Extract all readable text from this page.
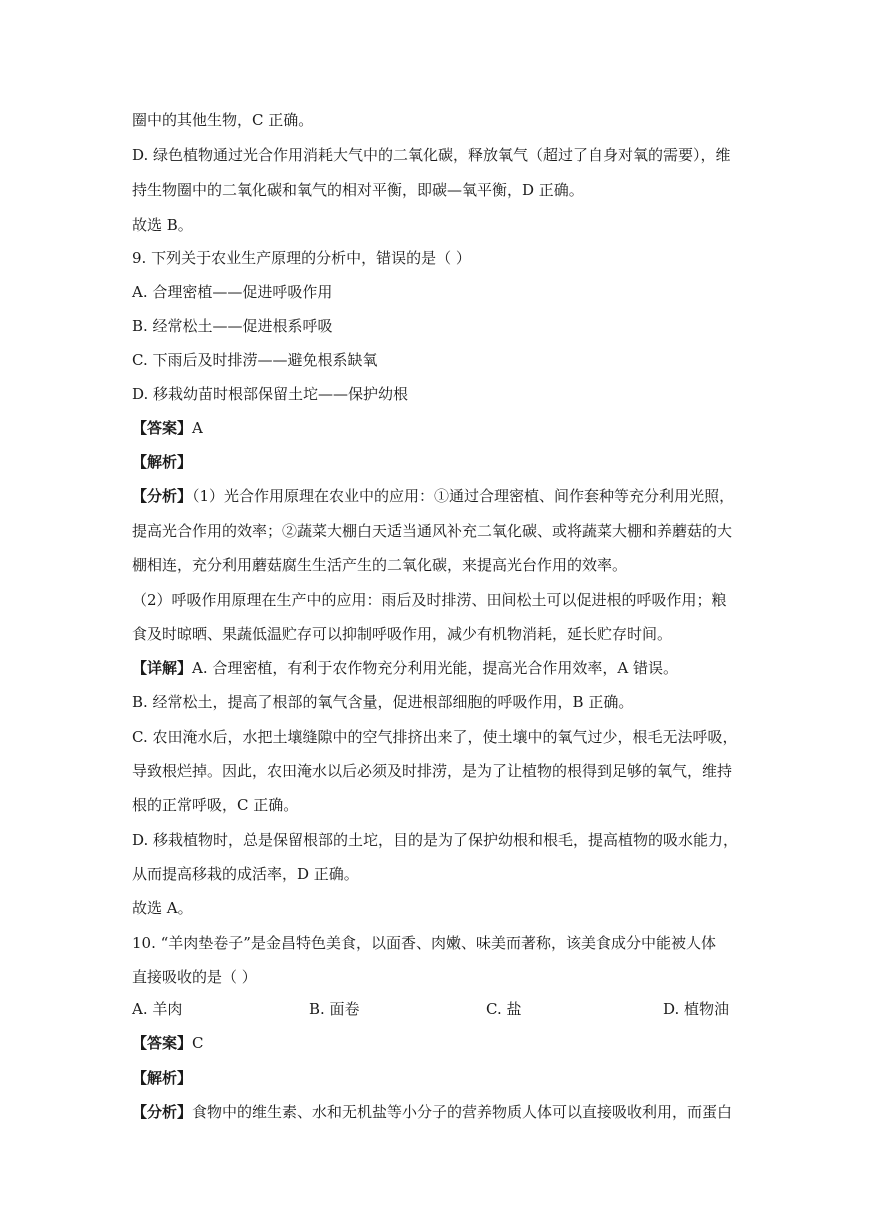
圈中的其他生物，C 正确。
D. 绿色植物通过光合作用消耗大气中的二氧化碳，释放氧气（超过了自身对氧的需要），维
持生物圈中的二氧化碳和氧气的相对平衡，即碳—氧平衡，D 正确。
故选 B。
9. 下列关于农业生产原理的分析中，错误的是（ ）
A. 合理密植——促进呼吸作用
B. 经常松土——促进根系呼吸
C. 下雨后及时排涝——避免根系缺氧
D. 移栽幼苗时根部保留土坨——保护幼根
【答案】A
【解析】
【分析】（1）光合作用原理在农业中的应用：①通过合理密植、间作套种等充分利用光照，
提高光合作用的效率；②蔬菜大棚白天适当通风补充二氧化碳、或将蔬菜大棚和养蘑菇的大
棚相连，充分利用蘑菇腐生生活产生的二氧化碳，来提高光台作用的效率。
（2）呼吸作用原理在生产中的应用：雨后及时排涝、田间松土可以促进根的呼吸作用；粮
食及时晾晒、果蔬低温贮存可以抑制呼吸作用，减少有机物消耗，延长贮存时间。
【详解】A. 合理密植，有利于农作物充分利用光能，提高光合作用效率，A 错误。
B. 经常松土，提高了根部的氧气含量，促进根部细胞的呼吸作用，B 正确。
C. 农田淹水后，水把土壤缝隙中的空气排挤出来了，使土壤中的氧气过少，根毛无法呼吸，
导致根烂掉。因此，农田淹水以后必须及时排涝，是为了让植物的根得到足够的氧气，维持
根的正常呼吸，C 正确。
D. 移栽植物时，总是保留根部的土坨，目的是为了保护幼根和根毛，提高植物的吸水能力，
从而提高移栽的成活率，D 正确。
故选 A。
10. “羊肉垫卷子”是金昌特色美食，以面香、肉嫩、味美而著称，该美食成分中能被人体
直接吸收的是（ ）
A. 羊肉	B. 面卷	C. 盐	D. 植物油
【答案】C
【解析】
【分析】食物中的维生素、水和无机盐等小分子的营养物质人体可以直接吸收利用，而蛋白
